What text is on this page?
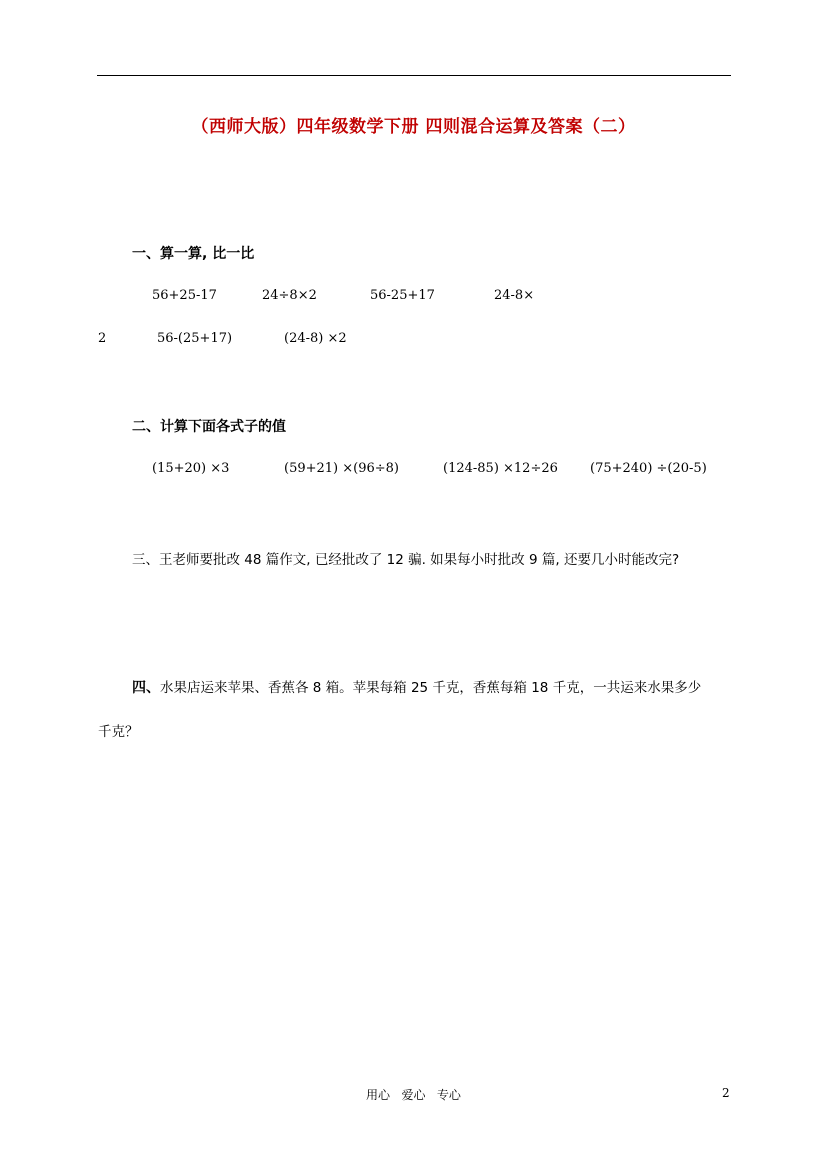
（西师大版）四年级数学下册 四则混合运算及答案（二）
一、算一算, 比一比
56+25-17	24÷8×2	56-25+17	24-8×
2	56-(25+17)	(24-8) ×2
二、计算下面各式子的值
(15+20) ×3	(59+21) ×(96÷8)	(124-85) ×12÷26 (75+240) ÷(20-5)
三、王老师要批改 48 篇作文, 已经批改了 12 骗. 如果每小时批改 9 篇, 还要几小时能改完?
四、水果店运来苹果、香蕉各 8 箱。苹果每箱 25 千克，香蕉每箱 18 千克，一共运来水果多少
千克？
用心   爱心   专心	2
